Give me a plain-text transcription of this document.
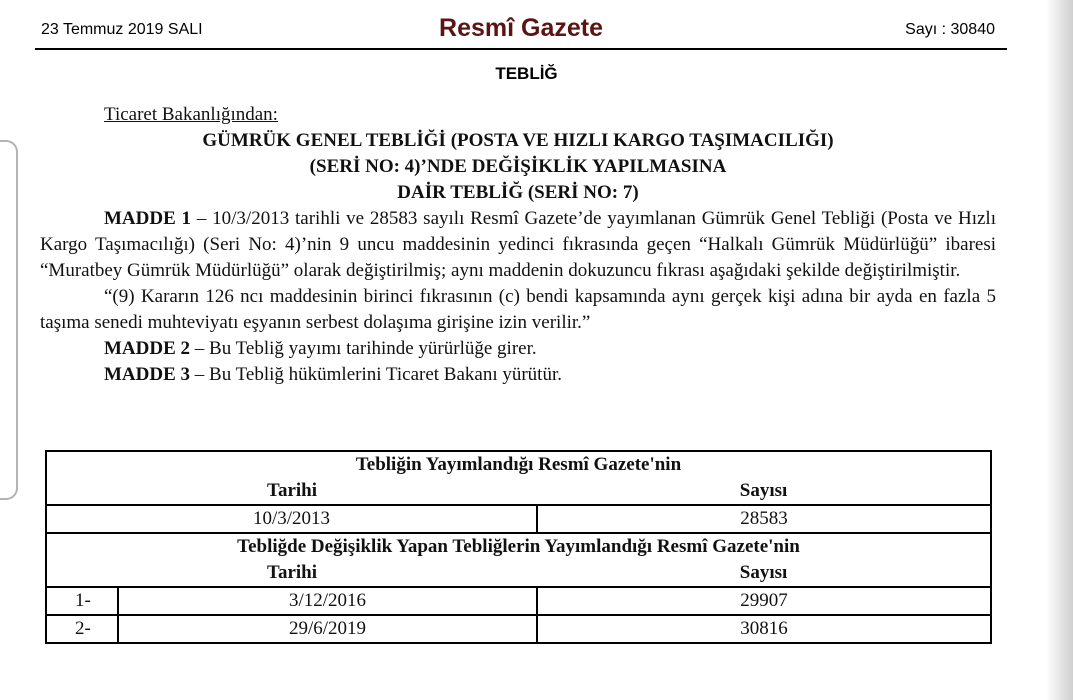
23 Temmuz 2019 SALI	Resmî Gazete	Sayı : 30840
TEBLİĞ
Ticaret Bakanlığından:
GÜMRÜK GENEL TEBLİĞİ (POSTA VE HIZLI KARGO TAŞIMACILIĞI)
(SERİ NO: 4)’NDE DEĞİŞİKLİK YAPILMASINA
DAİR TEBLİĞ (SERİ NO: 7)
MADDE 1 – 10/3/2013 tarihli ve 28583 sayılı Resmî Gazete’de yayımlanan Gümrük Genel Tebliği (Posta ve Hızlı Kargo Taşımacılığı) (Seri No: 4)’nin 9 uncu maddesinin yedinci fıkrasında geçen “Halkalı Gümrük Müdürlüğü” ibaresi “Muratbey Gümrük Müdürlüğü” olarak değiştirilmiş; aynı maddenin dokuzuncu fıkrası aşağıdaki şekilde değiştirilmiştir.
“(9) Kararın 126 ncı maddesinin birinci fıkrasının (c) bendi kapsamında aynı gerçek kişi adına bir ayda en fazla 5 taşıma senedi muhteviyatı eşyanın serbest dolaşıma girişine izin verilir.”
MADDE 2 – Bu Tebliğ yayımı tarihinde yürürlüğe girer.
MADDE 3 – Bu Tebliğ hükümlerini Ticaret Bakanı yürütür.
Tebliğin Yayımlandığı Resmî Gazete'nin		
Tarihi		Sayısı
10/3/2013		28583
Tebliğde Değişiklik Yapan Tebliğlerin Yayımlandığı Resmî Gazete'nin		
Tarihi		Sayısı
1-	3/12/2016	29907
2-	29/6/2019	30816
